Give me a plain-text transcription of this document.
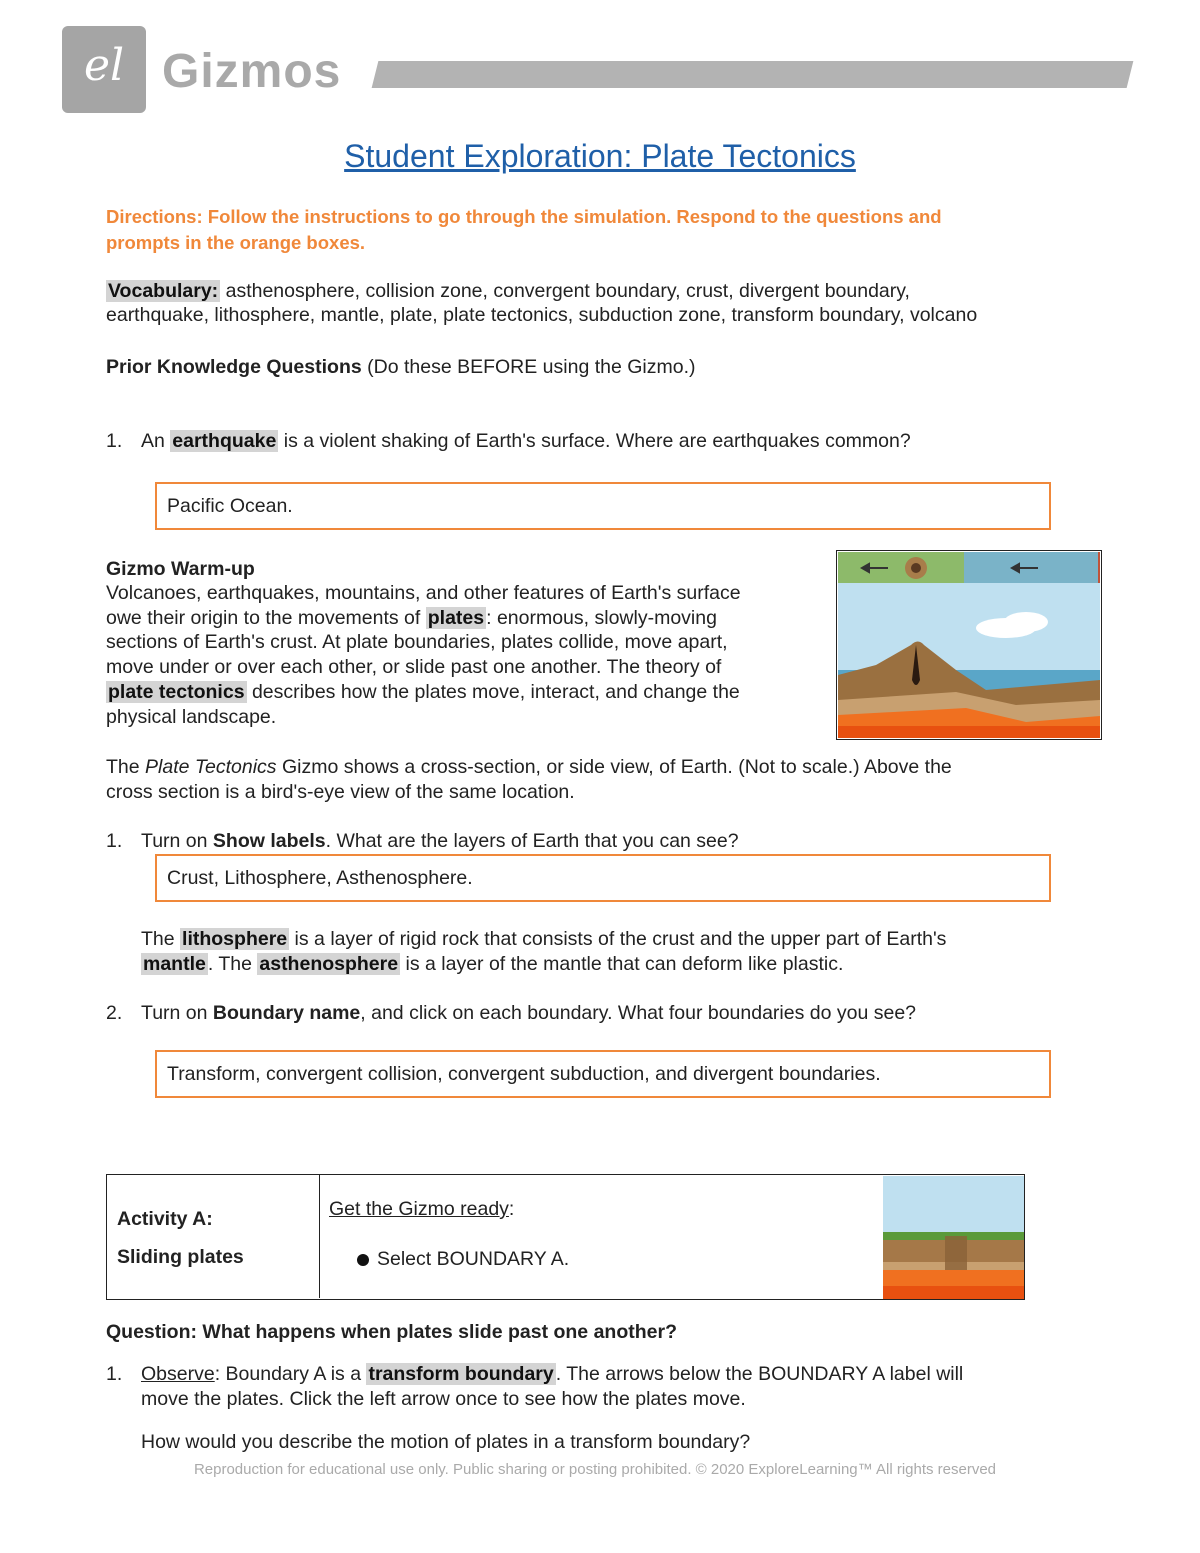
el Gizmos
Student Exploration: Plate Tectonics
Directions: Follow the instructions to go through the simulation. Respond to the questions and
prompts in the orange boxes.
Vocabulary: asthenosphere, collision zone, convergent boundary, crust, divergent boundary,
earthquake, lithosphere, mantle, plate, plate tectonics, subduction zone, transform boundary, volcano
Prior Knowledge Questions (Do these BEFORE using the Gizmo.)
1. An earthquake is a violent shaking of Earth's surface. Where are earthquakes common?
Pacific Ocean.
Gizmo Warm-up
Volcanoes, earthquakes, mountains, and other features of Earth's surface
owe their origin to the movements of plates : enormous, slowly-moving
sections of Earth's crust. At plate boundaries, plates collide, move apart,
move under or over each other, or slide past one another. The theory of
plate tectonics describes how the plates move, interact, and change the
physical landscape.
The Plate Tectonics Gizmo shows a cross-section, or side view, of Earth. (Not to scale.) Above the
cross section is a bird's-eye view of the same location.
1. Turn on Show labels. What are the layers of Earth that you can see?
Crust, Lithosphere, Asthenosphere.
The lithosphere is a layer of rigid rock that consists of the crust and the upper part of Earth's
mantle . The asthenosphere is a layer of the mantle that can deform like plastic.
2. Turn on Boundary name, and click on each boundary. What four boundaries do you see?
Transform, convergent collision, convergent subduction, and divergent boundaries.
Activity A:
Sliding plates
Get the Gizmo ready:
Select BOUNDARY A.
Question: What happens when plates slide past one another?
1. Observe: Boundary A is a transform boundary . The arrows below the BOUNDARY A label will
move the plates. Click the left arrow once to see how the plates move.
How would you describe the motion of plates in a transform boundary?
Reproduction for educational use only. Public sharing or posting prohibited. © 2020 ExploreLearning™ All rights reserved
